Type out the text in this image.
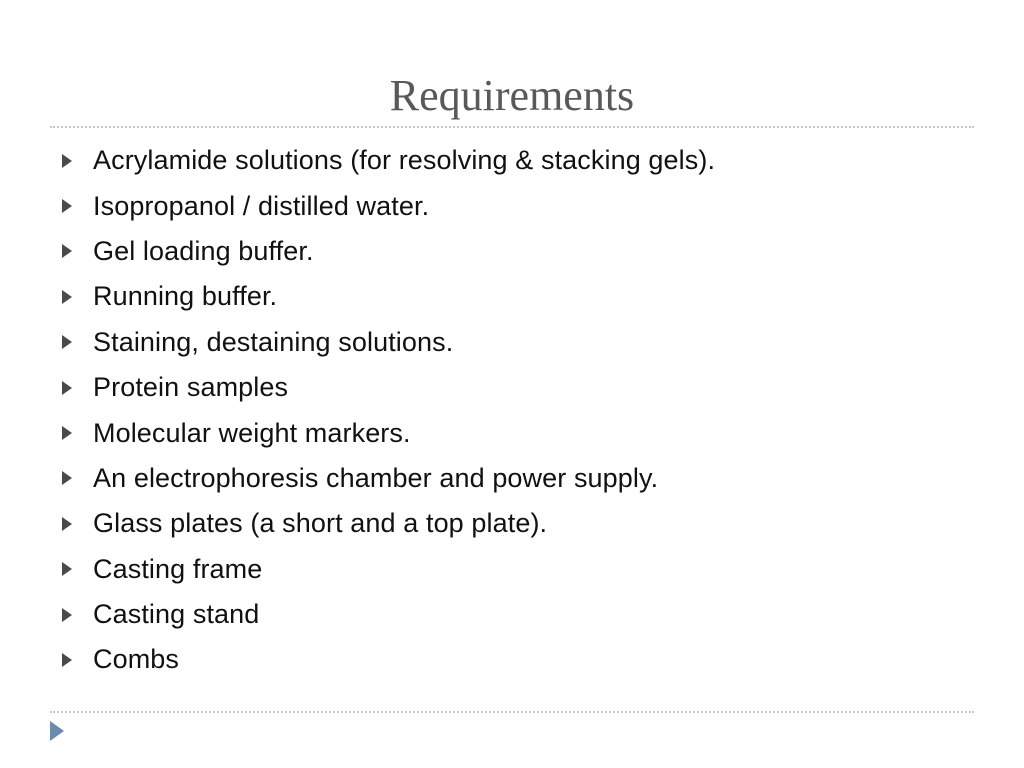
Requirements
Acrylamide solutions (for resolving & stacking gels).
Isopropanol / distilled water.
Gel loading buffer.
Running buffer.
Staining, destaining solutions.
Protein samples
Molecular weight markers.
An electrophoresis chamber and power supply.
Glass plates (a short and a top plate).
Casting frame
Casting stand
Combs
